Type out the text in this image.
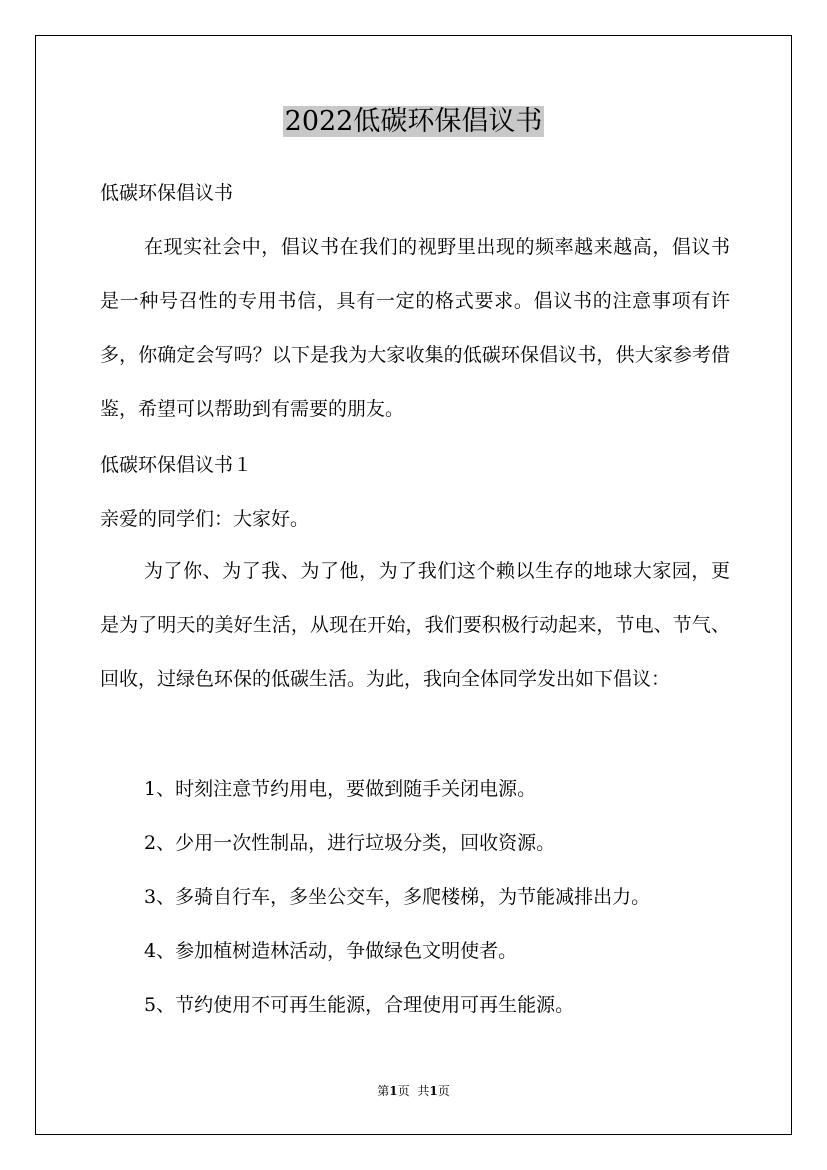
2022低碳环保倡议书
低碳环保倡议书
在现实社会中，倡议书在我们的视野里出现的频率越来越高，倡议书是一种号召性的专用书信，具有一定的格式要求。倡议书的注意事项有许多，你确定会写吗？以下是我为大家收集的低碳环保倡议书，供大家参考借鉴，希望可以帮助到有需要的朋友。
低碳环保倡议书１
亲爱的同学们：大家好。
为了你、为了我、为了他，为了我们这个赖以生存的地球大家园，更是为了明天的美好生活，从现在开始，我们要积极行动起来，节电、节气、回收，过绿色环保的低碳生活。为此，我向全体同学发出如下倡议：
1、时刻注意节约用电，要做到随手关闭电源。
2、少用一次性制品，进行垃圾分类，回收资源。
3、多骑自行车，多坐公交车，多爬楼梯，为节能减排出力。
4、参加植树造林活动，争做绿色文明使者。
5、节约使用不可再生能源，合理使用可再生能源。
第1页 共1页
